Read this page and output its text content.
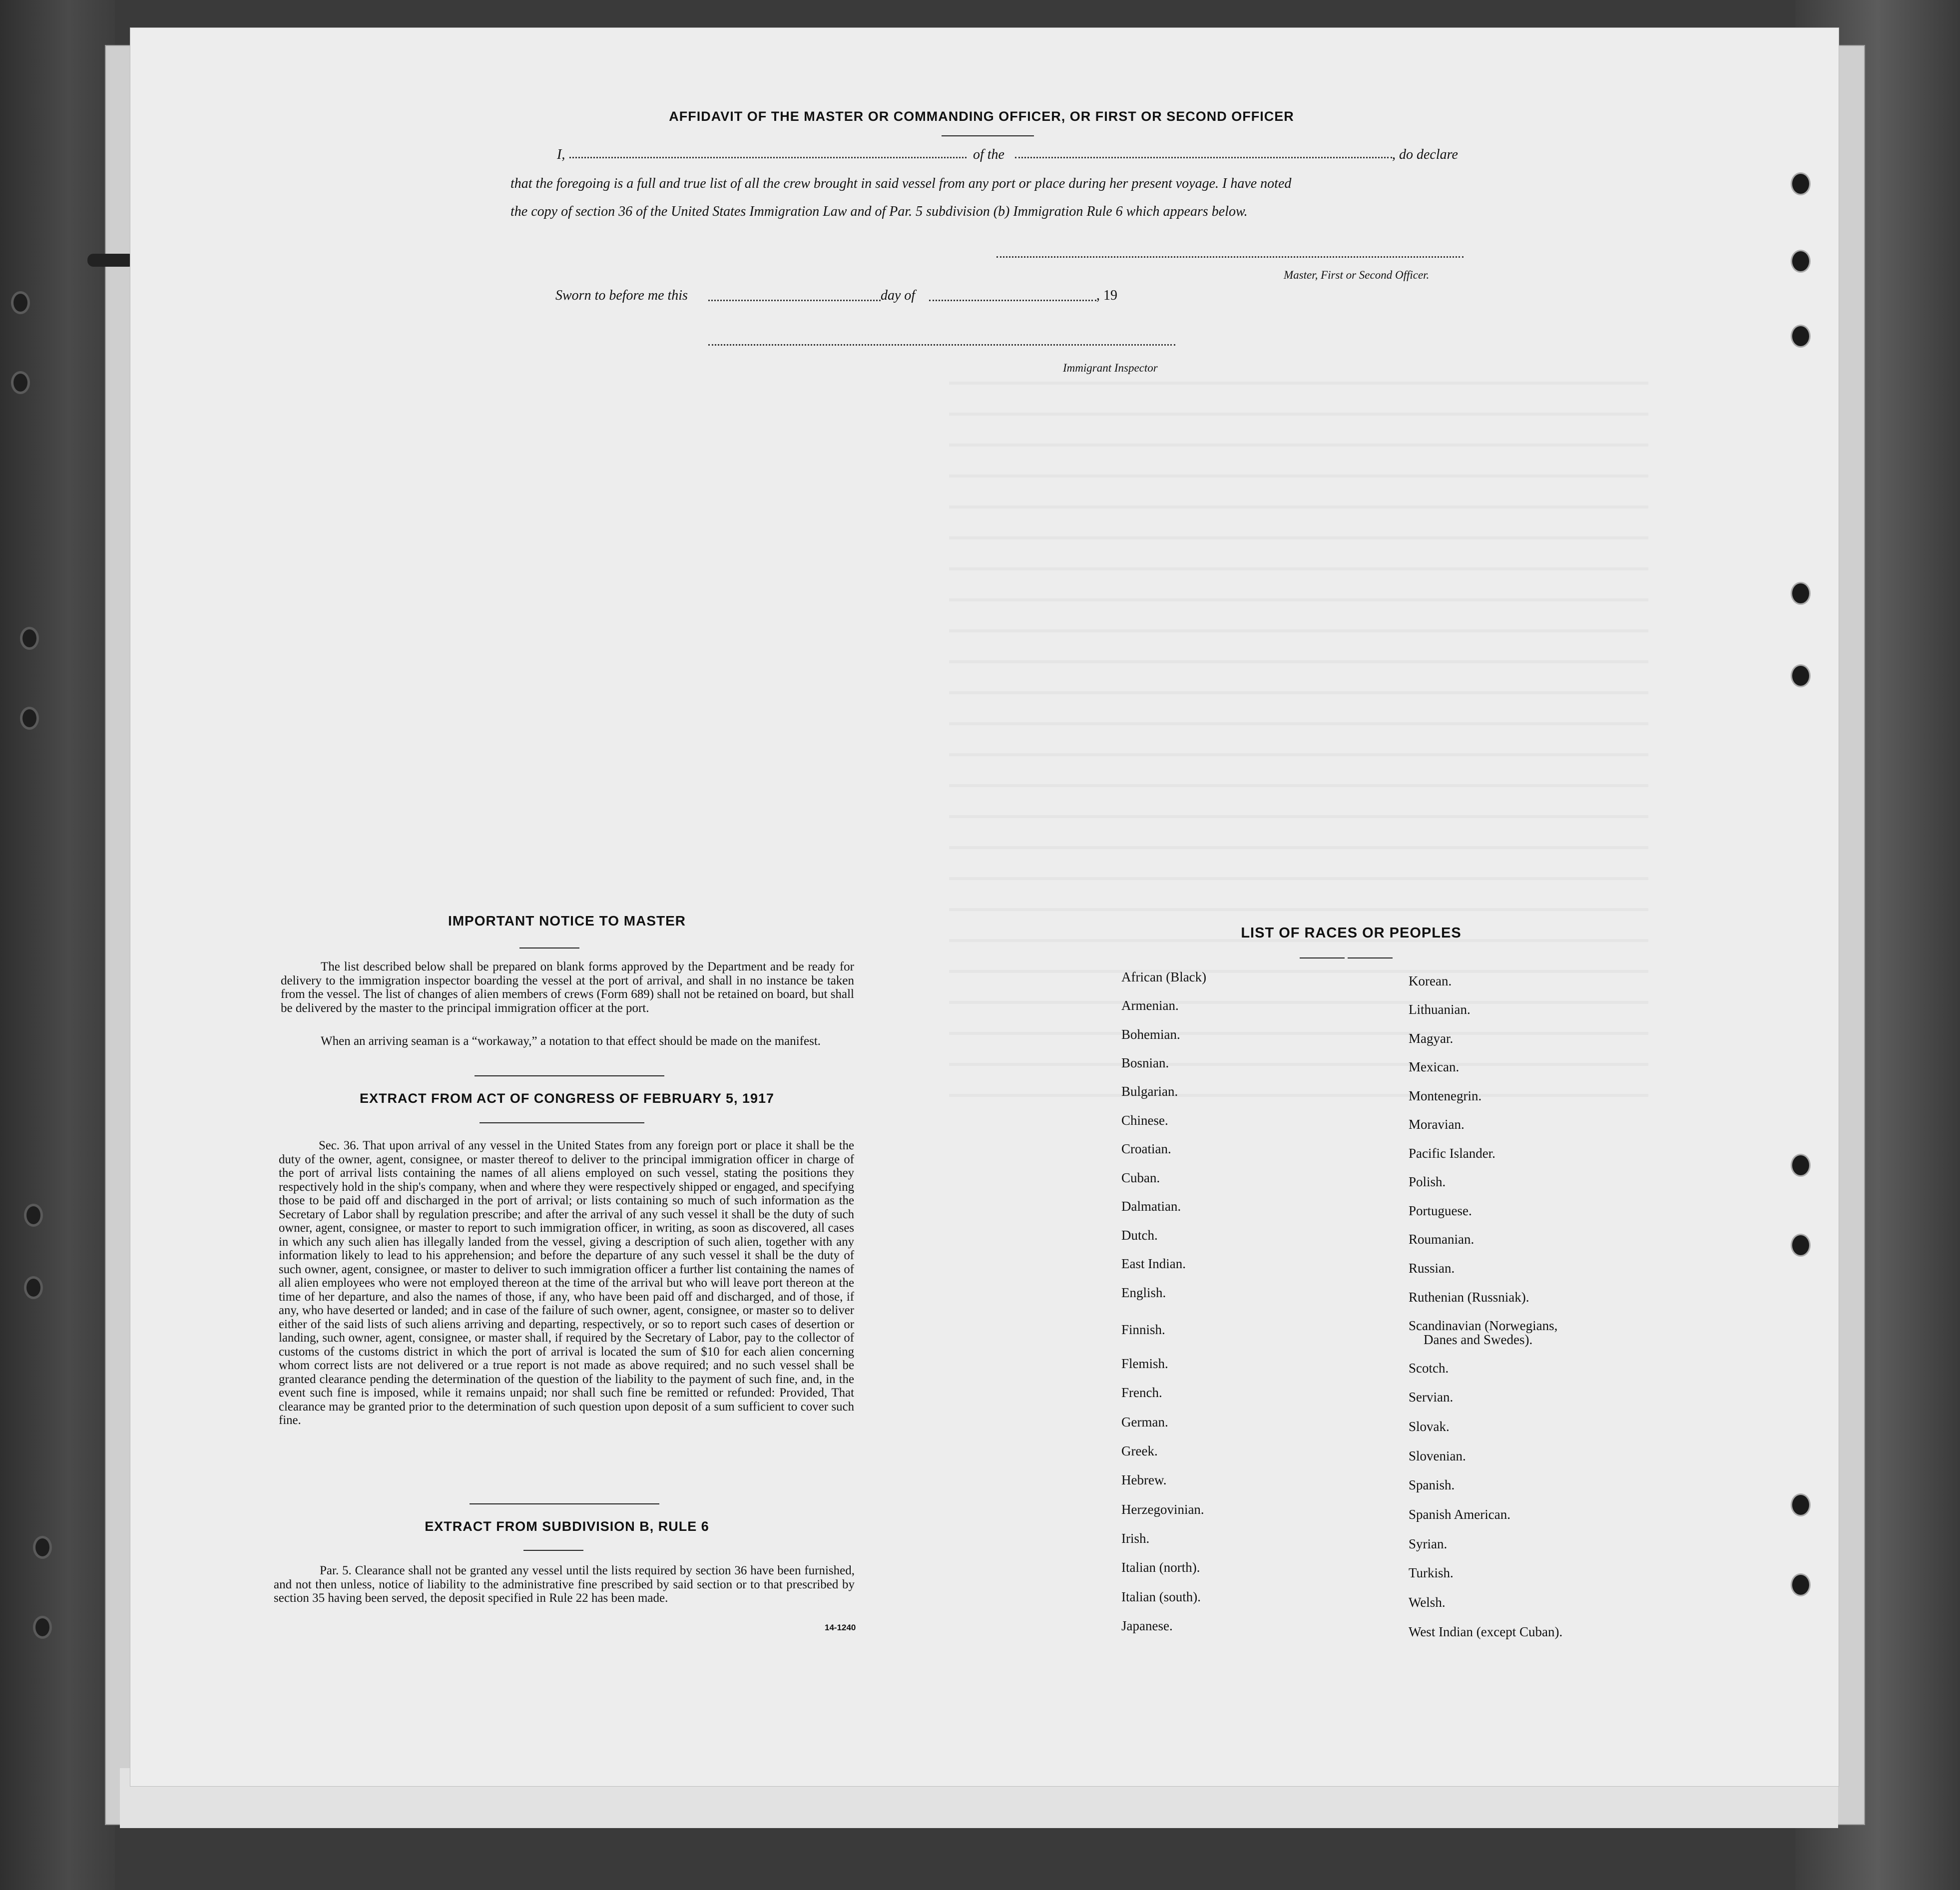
AFFIDAVIT OF THE MASTER OR COMMANDING OFFICER, OR FIRST OR SECOND OFFICER
I,	of the	, do declare
that the foregoing is a full and true list of all the crew brought in said vessel from any port or place during her present voyage. I have noted
the copy of section 36 of the United States Immigration Law and of Par. 5 subdivision (b) Immigration Rule 6 which appears below.
Master, First or Second Officer.
Sworn to before me this	day of	, 19
Immigrant Inspector
IMPORTANT NOTICE TO MASTER
The list described below shall be prepared on blank forms approved by the Department and be ready for delivery to the immigration inspector boarding the vessel at the port of arrival, and shall in no instance be taken from the vessel. The list of changes of alien members of crews (Form 689) shall not be retained on board, but shall be delivered by the master to the principal immigration officer at the port.
When an arriving seaman is a “workaway,” a notation to that effect should be made on the manifest.
EXTRACT FROM ACT OF CONGRESS OF FEBRUARY 5, 1917
Sec. 36. That upon arrival of any vessel in the United States from any foreign port or place it shall be the duty of the owner, agent, consignee, or master thereof to deliver to the principal immigration officer in charge of the port of arrival lists containing the names of all aliens employed on such vessel, stating the positions they respectively hold in the ship's company, when and where they were respectively shipped or engaged, and specifying those to be paid off and discharged in the port of arrival; or lists containing so much of such information as the Secretary of Labor shall by regulation prescribe; and after the arrival of any such vessel it shall be the duty of such owner, agent, consignee, or master to report to such immigration officer, in writing, as soon as discovered, all cases in which any such alien has illegally landed from the vessel, giving a description of such alien, together with any information likely to lead to his apprehension; and before the departure of any such vessel it shall be the duty of such owner, agent, consignee, or master to deliver to such immigration officer a further list containing the names of all alien employees who were not employed thereon at the time of the arrival but who will leave port thereon at the time of her departure, and also the names of those, if any, who have been paid off and discharged, and of those, if any, who have deserted or landed; and in case of the failure of such owner, agent, consignee, or master so to deliver either of the said lists of such aliens arriving and departing, respectively, or so to report such cases of desertion or landing, such owner, agent, consignee, or master shall, if required by the Secretary of Labor, pay to the collector of customs of the customs district in which the port of arrival is located the sum of $10 for each alien concerning whom correct lists are not delivered or a true report is not made as above required; and no such vessel shall be granted clearance pending the determination of the question of the liability to the payment of such fine, and, in the event such fine is imposed, while it remains unpaid; nor shall such fine be remitted or refunded: Provided, That clearance may be granted prior to the determination of such question upon deposit of a sum sufficient to cover such fine.
EXTRACT FROM SUBDIVISION B, RULE 6
Par. 5. Clearance shall not be granted any vessel until the lists required by section 36 have been furnished, and not then unless, notice of liability to the administrative fine prescribed by said section or to that prescribed by section 35 having been served, the deposit specified in Rule 22 has been made.
14-1240
LIST OF RACES OR PEOPLES
African (Black)
Armenian.
Bohemian.
Bosnian.
Bulgarian.
Chinese.
Croatian.
Cuban.
Dalmatian.
Dutch.
East Indian.
English.
Finnish.
Flemish.
French.
German.
Greek.
Hebrew.
Herzegovinian.
Irish.
Italian (north).
Italian (south).
Japanese.
Korean.
Lithuanian.
Magyar.
Mexican.
Montenegrin.
Moravian.
Pacific Islander.
Polish.
Portuguese.
Roumanian.
Russian.
Ruthenian (Russniak).
Scandinavian (Norwegians,
Danes and Swedes).
Scotch.
Servian.
Slovak.
Slovenian.
Spanish.
Spanish American.
Syrian.
Turkish.
Welsh.
West Indian (except Cuban).
